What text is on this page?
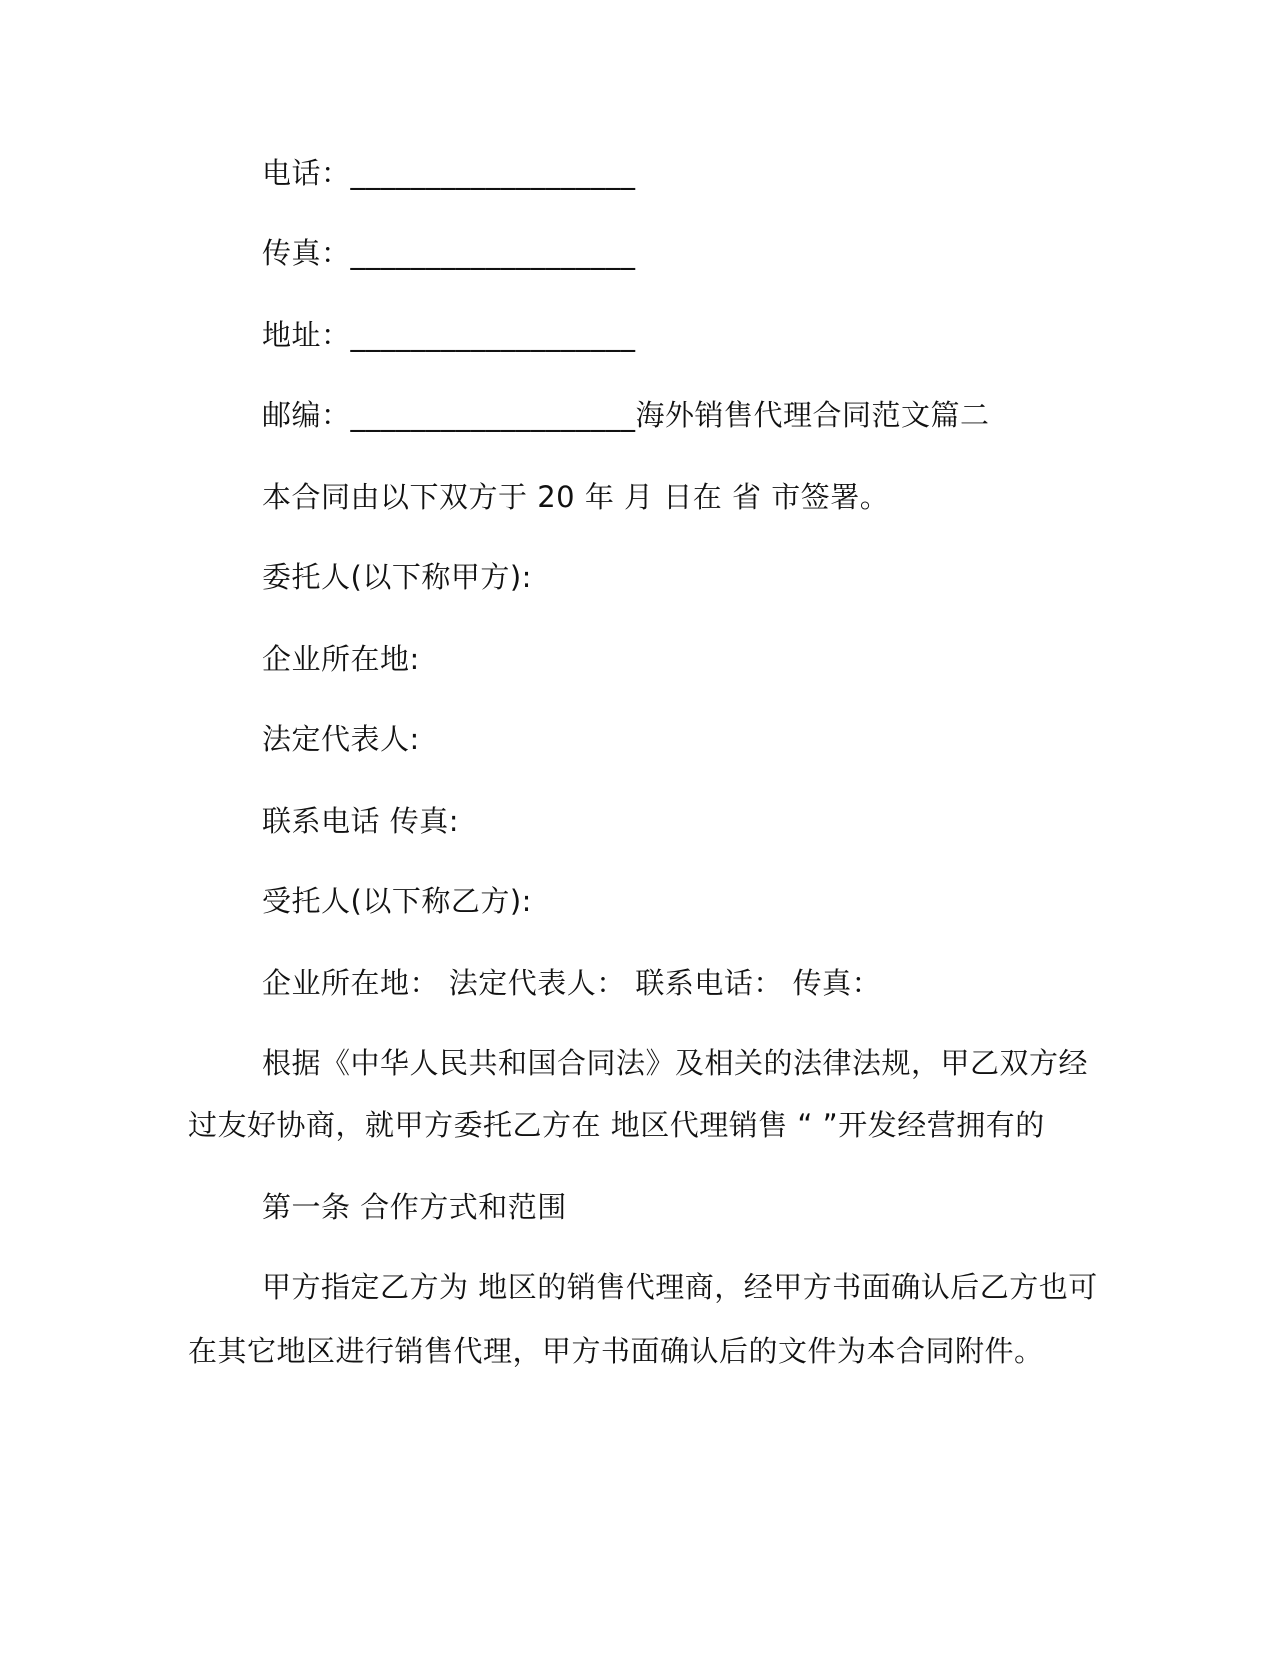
电话：___________________
传真：___________________
地址：___________________
邮编：___________________海外销售代理合同范文篇二
本合同由以下双方于 20 年 月 日在 省 市签署。
委托人(以下称甲方):
企业所在地:
法定代表人:
联系电话 传真:
受托人(以下称乙方):
企业所在地： 法定代表人： 联系电话： 传真：
根据《中华人民共和国合同法》及相关的法律法规，甲乙双方经
过友好协商，就甲方委托乙方在 地区代理销售 “ ”开发经营拥有的
第一条 合作方式和范围
甲方指定乙方为 地区的销售代理商，经甲方书面确认后乙方也可
在其它地区进行销售代理，甲方书面确认后的文件为本合同附件。
